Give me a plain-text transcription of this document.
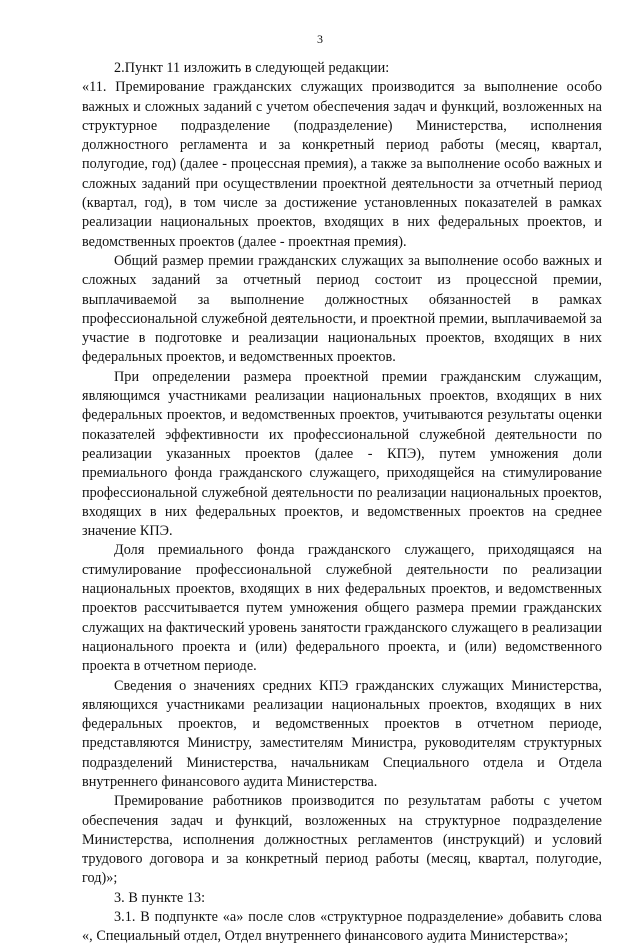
3

2.Пункт 11 изложить в следующей редакции:

«11. Премирование гражданских служащих производится за выполнение особо важных и сложных заданий с учетом обеспечения задач и функций, возложенных на структурное подразделение (подразделение) Министерства, исполнения должностного регламента и за конкретный период работы (месяц, квартал, полугодие, год) (далее - процессная премия), а также за выполнение особо важных и сложных заданий при осуществлении проектной деятельности за отчетный период (квартал, год), в том числе за достижение установленных показателей в рамках реализации национальных проектов, входящих в них федеральных проектов, и ведомственных проектов (далее - проектная премия).

Общий размер премии гражданских служащих за выполнение особо важных и сложных заданий за отчетный период состоит из процессной премии, выплачиваемой за выполнение должностных обязанностей в рамках профессиональной служебной деятельности, и проектной премии, выплачиваемой за участие в подготовке и реализации национальных проектов, входящих в них федеральных проектов, и ведомственных проектов.

При определении размера проектной премии гражданским служащим, являющимся участниками реализации национальных проектов, входящих в них федеральных проектов, и ведомственных проектов, учитываются результаты оценки показателей эффективности их профессиональной служебной деятельности по реализации указанных проектов (далее - КПЭ), путем умножения доли премиального фонда гражданского служащего, приходящейся на стимулирование профессиональной служебной деятельности по реализации национальных проектов, входящих в них федеральных проектов, и ведомственных проектов на среднее значение КПЭ.

Доля премиального фонда гражданского служащего, приходящаяся на стимулирование профессиональной служебной деятельности по реализации национальных проектов, входящих в них федеральных проектов, и ведомственных проектов рассчитывается путем умножения общего размера премии гражданских служащих на фактический уровень занятости гражданского служащего в реализации национального проекта и (или) федерального проекта, и (или) ведомственного проекта в отчетном периоде.

Сведения о значениях средних КПЭ гражданских служащих Министерства, являющихся участниками реализации национальных проектов, входящих в них федеральных проектов, и ведомственных проектов в отчетном периоде, представляются Министру, заместителям Министра, руководителям структурных подразделений Министерства, начальникам Специального отдела и Отдела внутреннего финансового аудита Министерства.

Премирование работников производится по результатам работы с учетом обеспечения задач и функций, возложенных на структурное подразделение Министерства, исполнения должностных регламентов (инструкций) и условий трудового договора и за конкретный период работы (месяц, квартал, полугодие, год)»;

3. В пункте 13:

3.1. В подпункте «а» после слов «структурное подразделение» добавить слова «, Специальный отдел, Отдел внутреннего финансового аудита Министерства»;
